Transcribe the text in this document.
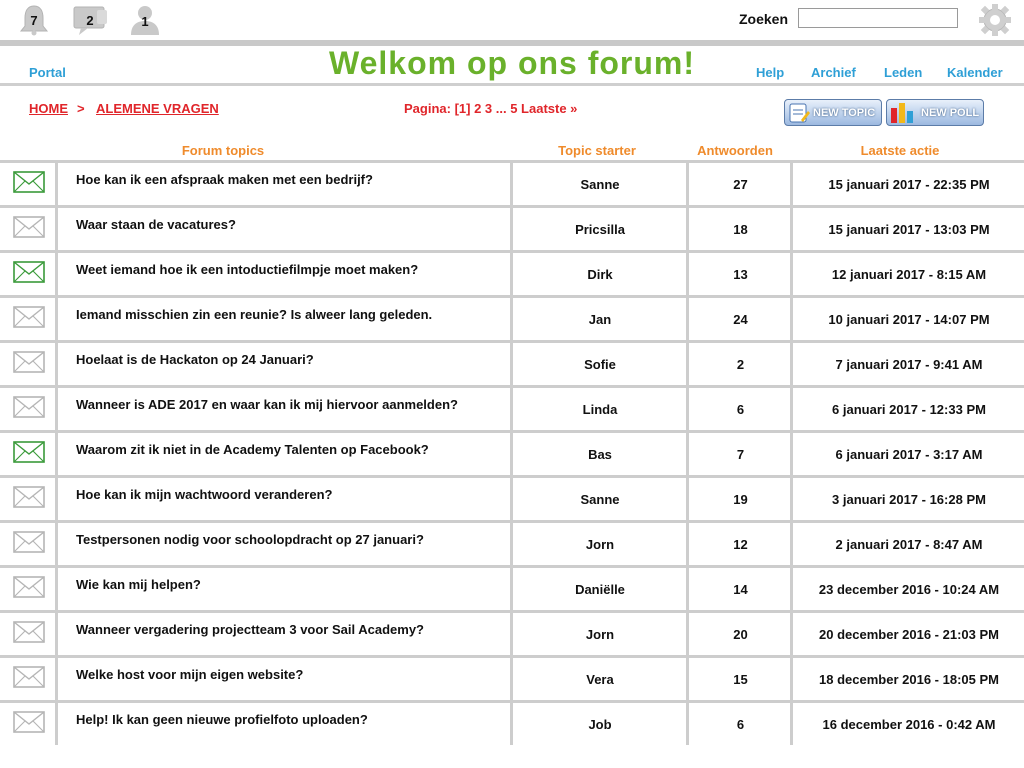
7	2	1	Zoeken
Welkom op ons forum!
Portal	Help Archief Leden Kalender
HOME > ALEMENE VRAGEN	Pagina: [1] 2 3 ... 5 Laatste »	NEW TOPIC	NEW POLL
Forum topics	Topic starter	Antwoorden	Laatste actie
Hoe kan ik een afspraak maken met een bedrijf?	Sanne	27	15 januari 2017 - 22:35 PM
Waar staan de vacatures?	Pricsilla	18	15 januari 2017 - 13:03 PM
Weet iemand hoe ik een intoductiefilmpje moet maken?	Dirk	13	12 januari 2017 - 8:15 AM
Iemand misschien zin een reunie? Is alweer lang geleden.	Jan	24	10 januari 2017 - 14:07 PM
Hoelaat is de Hackaton op 24 Januari?	Sofie	2	7 januari 2017 - 9:41 AM
Wanneer is ADE 2017 en waar kan ik mij hiervoor aanmelden?	Linda	6	6 januari 2017 - 12:33 PM
Waarom zit ik niet in de Academy Talenten op Facebook?	Bas	7	6 januari 2017 - 3:17 AM
Hoe kan ik mijn wachtwoord veranderen?	Sanne	19	3 januari 2017 - 16:28 PM
Testpersonen nodig voor schoolopdracht op 27 januari?	Jorn	12	2 januari 2017 - 8:47 AM
Wie kan mij helpen?	Daniëlle	14	23 december 2016 - 10:24 AM
Wanneer vergadering projectteam 3 voor Sail Academy?	Jorn	20	20 december 2016 - 21:03 PM
Welke host voor mijn eigen website?	Vera	15	18 december 2016 - 18:05 PM
Help! Ik kan geen nieuwe profielfoto uploaden?	Job	6	16 december 2016 - 0:42 AM
